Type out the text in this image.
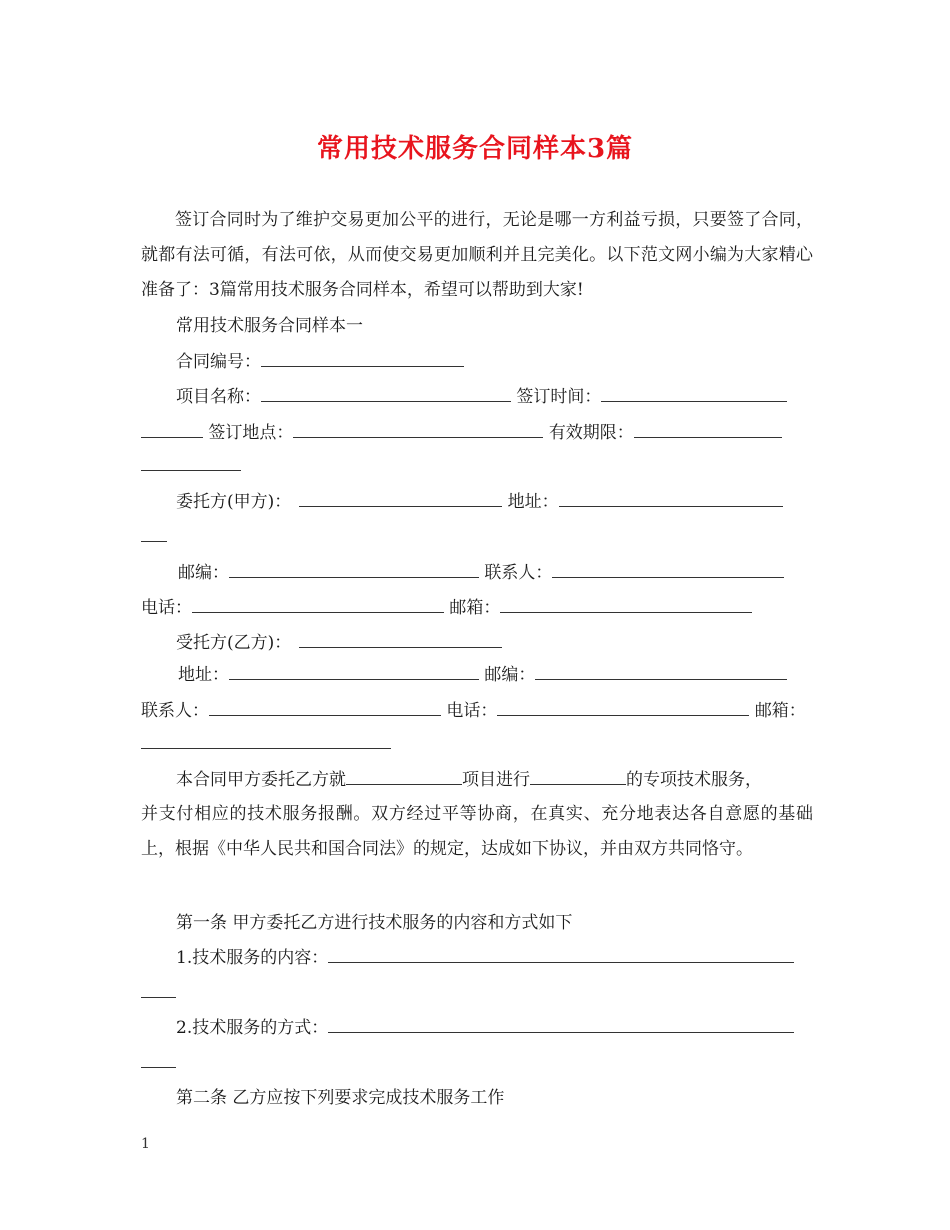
常用技术服务合同样本3篇

签订合同时为了维护交易更加公平的进行，无论是哪一方利益亏损，只要签了合同，就都有法可循，有法可依，从而使交易更加顺利并且完美化。以下范文网小编为大家精心准备了：3篇常用技术服务合同样本，希望可以帮助到大家!

常用技术服务合同样本一
合同编号：
项目名称：	签订时间：
签订地点：	有效期限：
委托方(甲方)：	地址：
邮编：	联系人：
电话：	邮箱：
受托方(乙方)：
地址：	邮编：
联系人：	电话：	邮箱：
本合同甲方委托乙方就	项目进行	的专项技术服务，

并支付相应的技术服务报酬。双方经过平等协商，在真实、充分地表达各自意愿的基础上，根据《中华人民共和国合同法》的规定，达成如下协议，并由双方共同恪守。

第一条 甲方委托乙方进行技术服务的内容和方式如下
1.技术服务的内容：
2.技术服务的方式：
第二条 乙方应按下列要求完成技术服务工作
1
